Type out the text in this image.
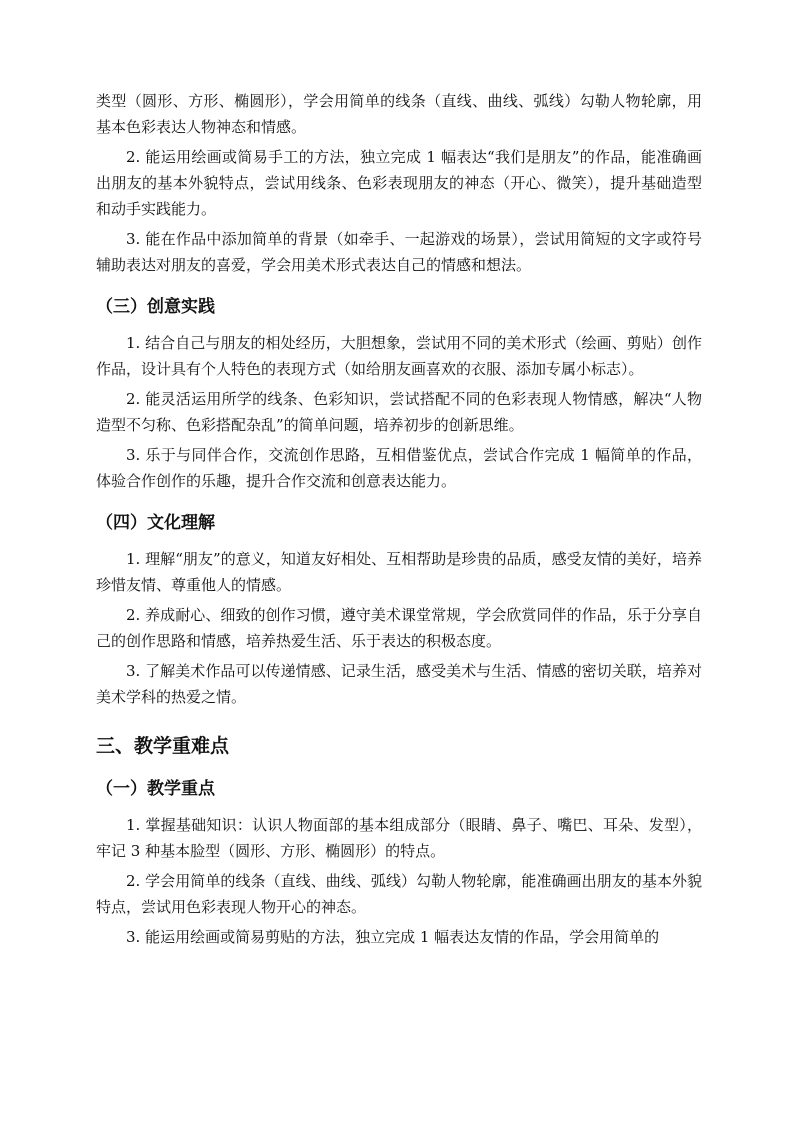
类型（圆形、方形、椭圆形），学会用简单的线条（直线、曲线、弧线）勾勒人物轮廓，用基本色彩表达人物神态和情感。

2. 能运用绘画或简易手工的方法，独立完成 1 幅表达“我们是朋友”的作品，能准确画出朋友的基本外貌特点，尝试用线条、色彩表现朋友的神态（开心、微笑），提升基础造型和动手实践能力。

3. 能在作品中添加简单的背景（如牵手、一起游戏的场景），尝试用简短的文字或符号辅助表达对朋友的喜爱，学会用美术形式表达自己的情感和想法。

（三）创意实践

1. 结合自己与朋友的相处经历，大胆想象，尝试用不同的美术形式（绘画、剪贴）创作作品，设计具有个人特色的表现方式（如给朋友画喜欢的衣服、添加专属小标志）。

2. 能灵活运用所学的线条、色彩知识，尝试搭配不同的色彩表现人物情感，解决“人物造型不匀称、色彩搭配杂乱”的简单问题，培养初步的创新思维。

3. 乐于与同伴合作，交流创作思路，互相借鉴优点，尝试合作完成 1 幅简单的作品，体验合作创作的乐趣，提升合作交流和创意表达能力。

（四）文化理解

1. 理解“朋友”的意义，知道友好相处、互相帮助是珍贵的品质，感受友情的美好，培养珍惜友情、尊重他人的情感。

2. 养成耐心、细致的创作习惯，遵守美术课堂常规，学会欣赏同伴的作品，乐于分享自己的创作思路和情感，培养热爱生活、乐于表达的积极态度。

3. 了解美术作品可以传递情感、记录生活，感受美术与生活、情感的密切关联，培养对美术学科的热爱之情。

三、教学重难点
（一）教学重点

1. 掌握基础知识：认识人物面部的基本组成部分（眼睛、鼻子、嘴巴、耳朵、发型），牢记 3 种基本脸型（圆形、方形、椭圆形）的特点。

2. 学会用简单的线条（直线、曲线、弧线）勾勒人物轮廓，能准确画出朋友的基本外貌特点，尝试用色彩表现人物开心的神态。

3. 能运用绘画或简易剪贴的方法，独立完成 1 幅表达友情的作品，学会用简单的
